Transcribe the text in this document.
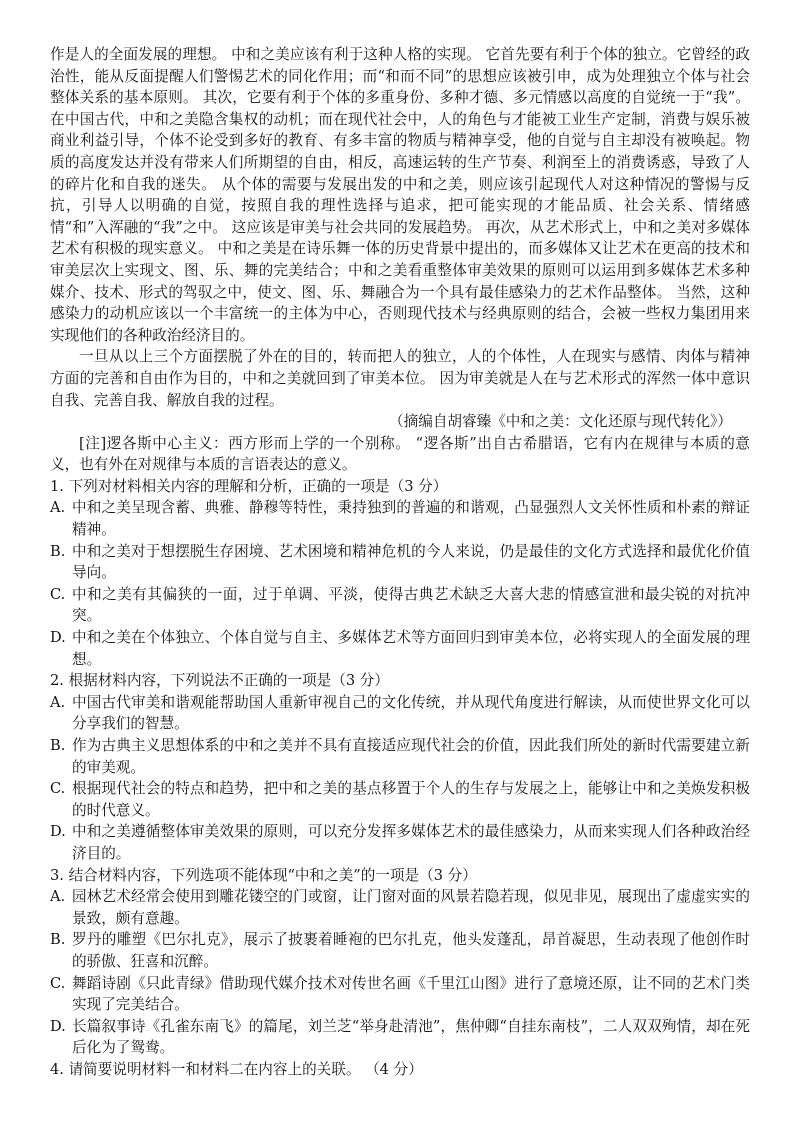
作是人的全面发展的理想。 中和之美应该有利于这种人格的实现。 它首先要有利于个体的独立。它曾经的政治性，能从反面提醒人们警惕艺术的同化作用；而“和而不同”的思想应该被引申，成为处理独立个体与社会整体关系的基本原则。 其次，它要有利于个体的多重身份、多种才德、多元情感以高度的自觉统一于“我”。 在中国古代，中和之美隐含集权的动机；而在现代社会中，人的角色与才能被工业生产定制，消费与娱乐被商业利益引导，个体不论受到多好的教育、有多丰富的物质与精神享受，他的自觉与自主却没有被唤起。物质的高度发达并没有带来人们所期望的自由，相反，高速运转的生产节奏、利润至上的消费诱惑，导致了人的碎片化和自我的迷失。 从个体的需要与发展出发的中和之美，则应该引起现代人对这种情况的警惕与反抗，引导人以明确的自觉，按照自我的理性选择与追求，把可能实现的才能品质、社会关系、情绪感情“和”入浑融的“我”之中。 这应该是审美与社会共同的发展趋势。 再次，从艺术形式上，中和之美对多媒体艺术有积极的现实意义。 中和之美是在诗乐舞一体的历史背景中提出的，而多媒体又让艺术在更高的技术和审美层次上实现文、图、乐、舞的完美结合；中和之美看重整体审美效果的原则可以运用到多媒体艺术多种媒介、技术、形式的驾驭之中，使文、图、乐、舞融合为一个具有最佳感染力的艺术作品整体。 当然，这种感染力的动机应该以一个丰富统一的主体为中心，否则现代技术与经典原则的结合，会被一些权力集团用来实现他们的各种政治经济目的。

一旦从以上三个方面摆脱了外在的目的，转而把人的独立，人的个体性，人在现实与感情、肉体与精神方面的完善和自由作为目的，中和之美就回到了审美本位。 因为审美就是人在与艺术形式的浑然一体中意识自我、完善自我、解放自我的过程。

（摘编自胡睿臻《中和之美：文化还原与现代转化》）

[注]逻各斯中心主义：西方形而上学的一个别称。 “逻各斯”出自古希腊语，它有内在规律与本质的意义，也有外在对规律与本质的言语表达的意义。

1. 下列对材料相关内容的理解和分析，正确的一项是（3 分）

A. 中和之美呈现含蓄、典雅、静穆等特性，秉持独到的普遍的和谐观，凸显强烈人文关怀性质和朴素的辩证精神。
B. 中和之美对于想摆脱生存困境、艺术困境和精神危机的今人来说，仍是最佳的文化方式选择和最优化价值导向。
C. 中和之美有其偏狭的一面，过于单调、平淡，使得古典艺术缺乏大喜大悲的情感宣泄和最尖锐的对抗冲突。
D. 中和之美在个体独立、个体自觉与自主、多媒体艺术等方面回归到审美本位，必将实现人的全面发展的理想。

2. 根据材料内容，下列说法不正确的一项是（3 分）

A. 中国古代审美和谐观能帮助国人重新审视自己的文化传统，并从现代角度进行解读，从而使世界文化可以分享我们的智慧。
B. 作为古典主义思想体系的中和之美并不具有直接适应现代社会的价值，因此我们所处的新时代需要建立新的审美观。
C. 根据现代社会的特点和趋势，把中和之美的基点移置于个人的生存与发展之上，能够让中和之美焕发积极的时代意义。
D. 中和之美遵循整体审美效果的原则，可以充分发挥多媒体艺术的最佳感染力，从而来实现人们各种政治经济目的。

3. 结合材料内容，下列选项不能体现“中和之美”的一项是（3 分）

A. 园林艺术经常会使用到雕花镂空的门或窗，让门窗对面的风景若隐若现，似见非见，展现出了虚虚实实的景致，颇有意趣。
B. 罗丹的雕塑《巴尔扎克》，展示了披裹着睡袍的巴尔扎克，他头发蓬乱，昂首凝思，生动表现了他创作时的骄傲、狂喜和沉醉。
C. 舞蹈诗剧《只此青绿》借助现代媒介技术对传世名画《千里江山图》进行了意境还原，让不同的艺术门类实现了完美结合。
D. 长篇叙事诗《孔雀东南飞》的篇尾，刘兰芝“举身赴清池”，焦仲卿“自挂东南枝”，二人双双殉情，却在死后化为了鸳鸯。

4. 请简要说明材料一和材料二在内容上的关联。 （4 分）
